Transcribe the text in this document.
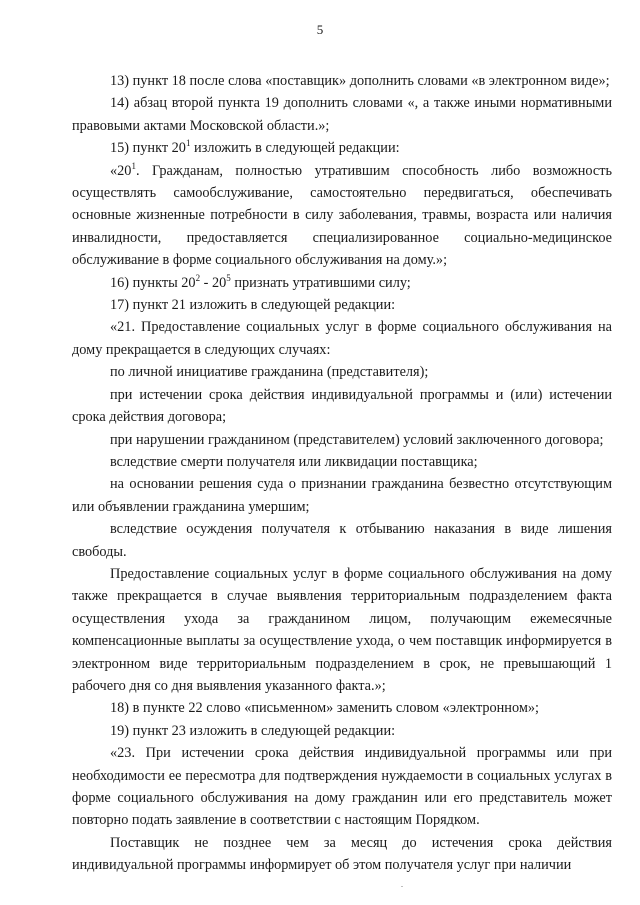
5

13) пункт 18 после слова «поставщик» дополнить словами «в электронном виде»;

14) абзац второй пункта 19 дополнить словами «, а также иными нормативными правовыми актами Московской области.»;

15) пункт $20^1$ изложить в следующей редакции:

«$20^1$. Гражданам, полностью утратившим способность либо возможность осуществлять самообслуживание, самостоятельно передвигаться, обеспечивать основные жизненные потребности в силу заболевания, травмы, возраста или наличия инвалидности, предоставляется специализированное социально-медицинское обслуживание в форме социального обслуживания на дому.»;

16) пункты $20^2 - 20^5$ признать утратившими силу;

17) пункт 21 изложить в следующей редакции:

«21. Предоставление социальных услуг в форме социального обслуживания на дому прекращается в следующих случаях:

по личной инициативе гражданина (представителя);

при истечении срока действия индивидуальной программы и (или) истечении срока действия договора;

при нарушении гражданином (представителем) условий заключенного договора;

вследствие смерти получателя или ликвидации поставщика;

на основании решения суда о признании гражданина безвестно отсутствующим или объявлении гражданина умершим;

вследствие осуждения получателя к отбыванию наказания в виде лишения свободы.

Предоставление социальных услуг в форме социального обслуживания на дому также прекращается в случае выявления территориальным подразделением факта осуществления ухода за гражданином лицом, получающим ежемесячные компенсационные выплаты за осуществление ухода, о чем поставщик информируется в электронном виде территориальным подразделением в срок, не превышающий 1 рабочего дня со дня выявления указанного факта.»;

18) в пункте 22 слово «письменном» заменить словом «электронном»;

19) пункт 23 изложить в следующей редакции:

«23. При истечении срока действия индивидуальной программы или при необходимости ее пересмотра для подтверждения нуждаемости в социальных услугах в форме социального обслуживания на дому гражданин или его представитель может повторно подать заявление в соответствии с настоящим Порядком.

Поставщик не позднее чем за месяц до истечения срока действия индивидуальной программы информирует об этом получателя услуг при наличии

.
